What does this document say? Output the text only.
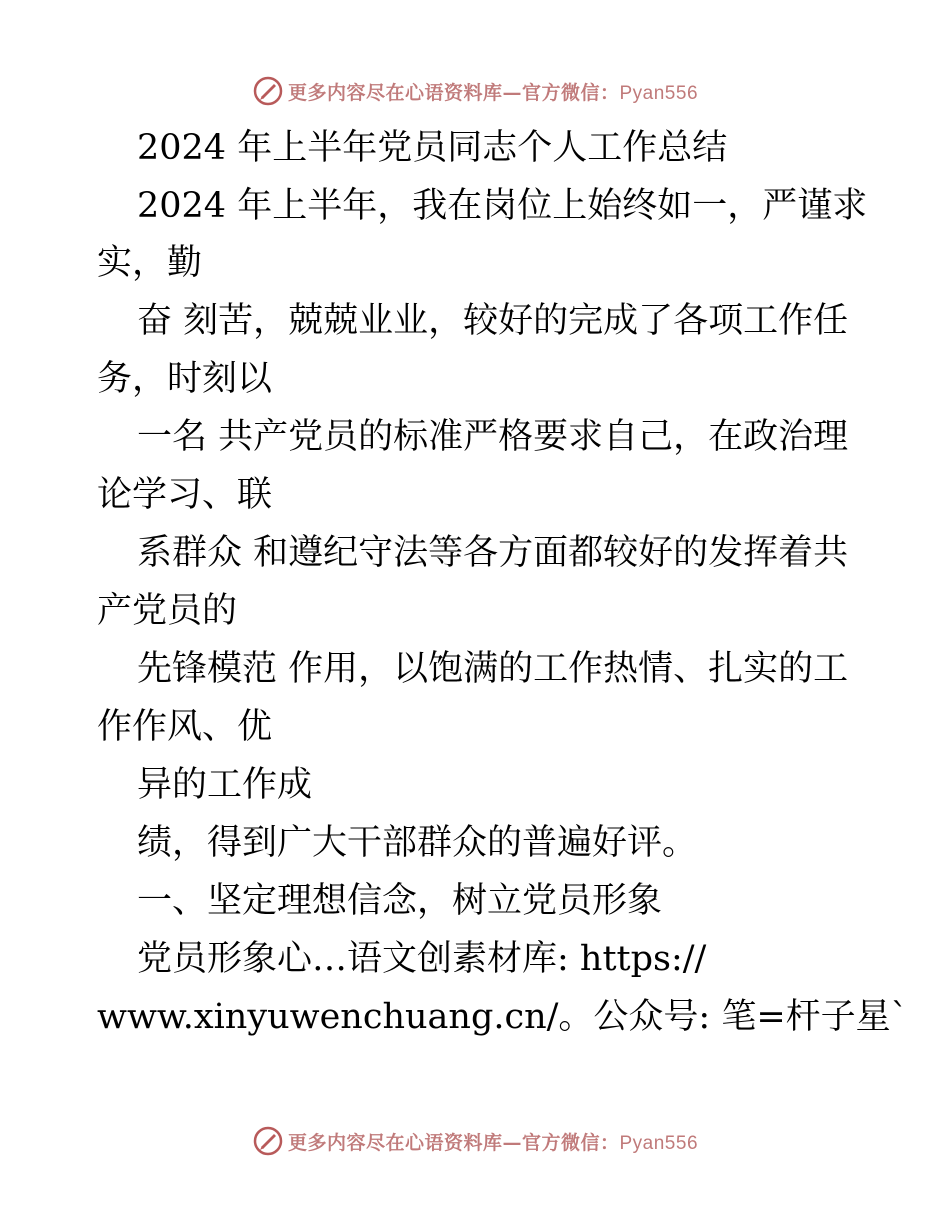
更多内容尽在心语资料库—官方微信：Pyan556
2024 年上半年党员同志个人工作总结
2024 年上半年，我在岗位上始终如一，严谨求
实，勤
奋 刻苦，兢兢业业，较好的完成了各项工作任
务，时刻以
一名 共产党员的标准严格要求自己，在政治理
论学习、联
系群众 和遵纪守法等各方面都较好的发挥着共
产党员的
先锋模范 作用，以饱满的工作热情、扎实的工
作作风、优
异的工作成
绩，得到广大干部群众的普遍好评。
一、坚定理想信念，树立党员形象
党员形象心…语文创素材库: https://
www.xinyuwenchuang.cn/。公众号: 笔=杆子星`
更多内容尽在心语资料库—官方微信：Pyan556
